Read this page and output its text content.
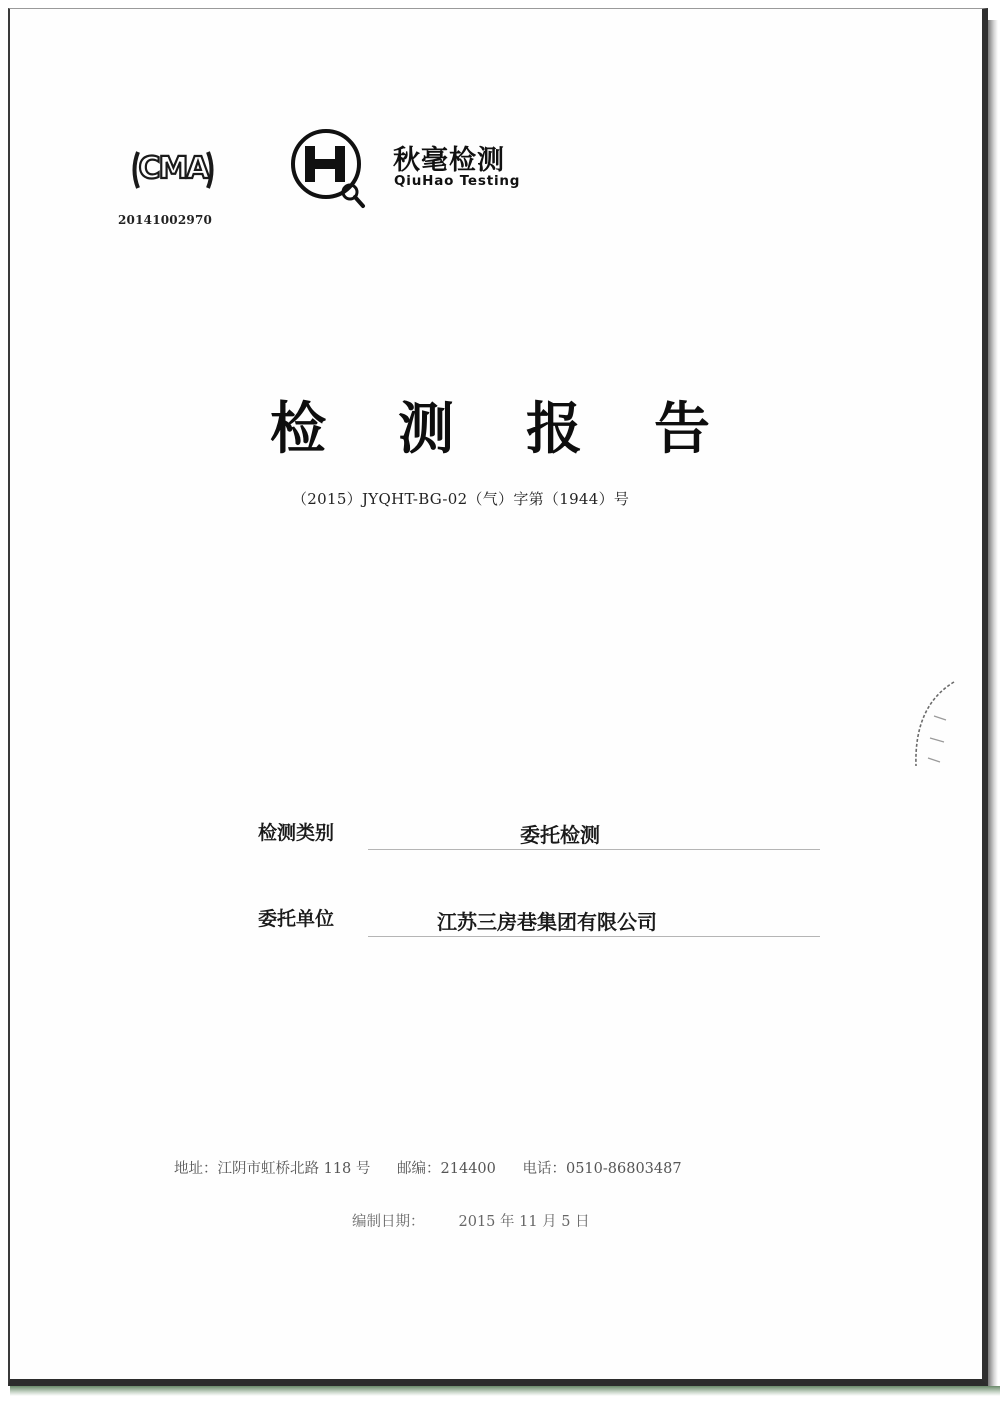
CMA
20141002970
秋毫检测
QiuHao Testing
检 测 报 告
（2015）JYQHT-BG-02（气）字第（1944）号
检测类别	委托检测
委托单位	江苏三房巷集团有限公司
地址：江阴市虹桥北路 118 号 邮编：214400 电话：0510-86803487
编制日期： 2015 年 11 月 5 日
